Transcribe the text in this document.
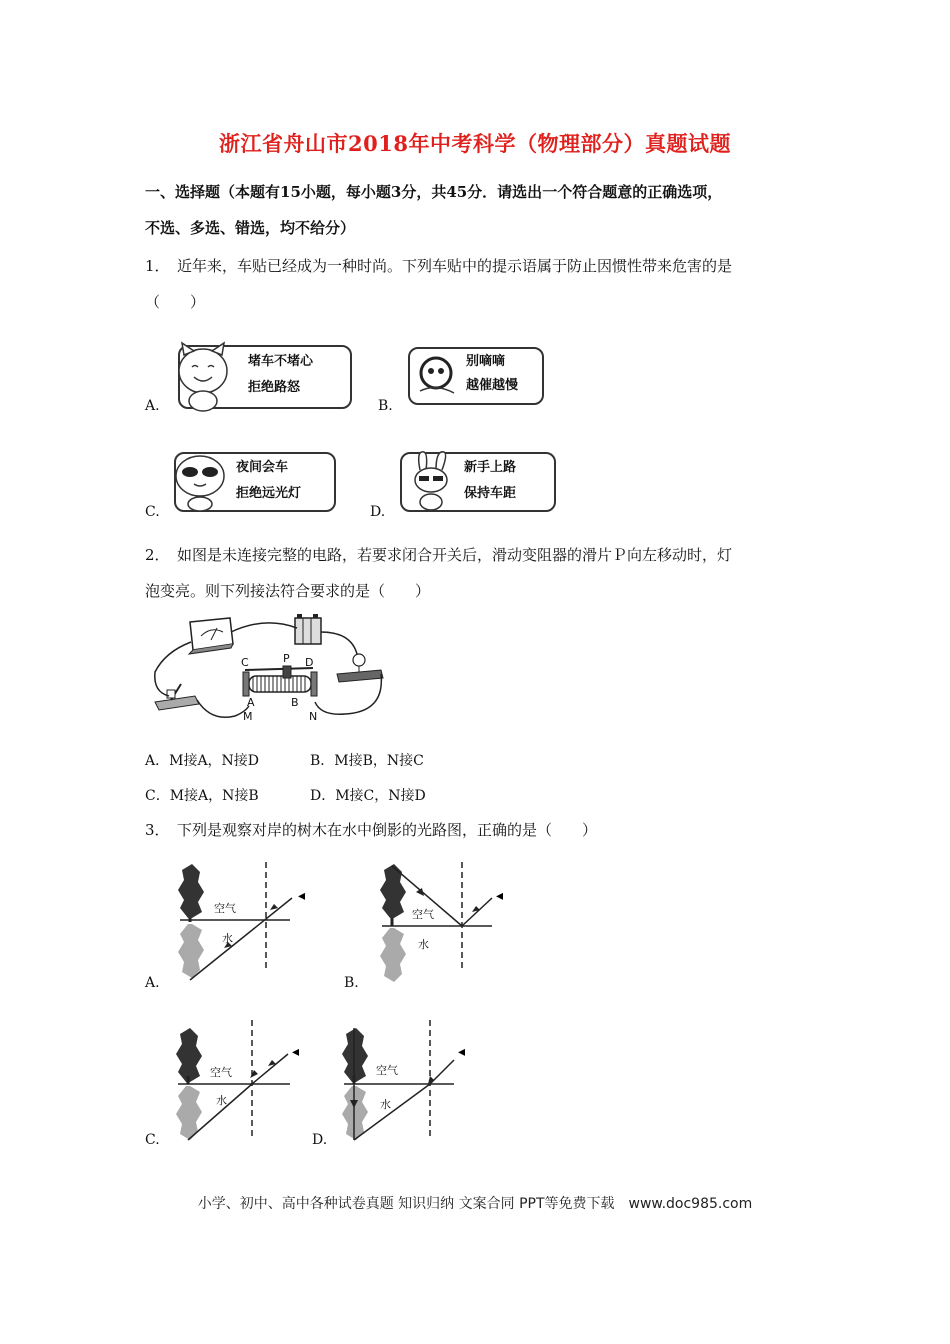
浙江省舟山市2018年中考科学（物理部分）真题试题
一、选择题（本题有15小题，每小题3分，共45分．请选出一个符合题意的正确选项，
不选、多选、错选，均不给分）
1．　近年来，车贴已经成为一种时尚。下列车贴中的提示语属于防止因惯性带来危害的是
（　　）
A.
堵车不堵心
拒绝路怒
B.
别嘀嘀
越催越慢
C.
夜间会车
拒绝远光灯
D.
新手上路
保持车距
2．　如图是未连接完整的电路，若要求闭合开关后，滑动变阻器的滑片Ｐ向左移动时，灯
泡变亮。则下列接法符合要求的是（　　）
C	P D
A	B
M	N
A．M接A，N接D	B．M接B，N接C
C．M接A，N接B	D．M接C，N接D
3．　下列是观察对岸的树木在水中倒影的光路图，正确的是（　　）
A.
◂
空气
水
B.
◂
空气
水
C.
◂
空气
水
D.
◂
空气
水
小学、初中、高中各种试卷真题 知识归纳 文案合同 PPT等免费下载　www.doc985.com
